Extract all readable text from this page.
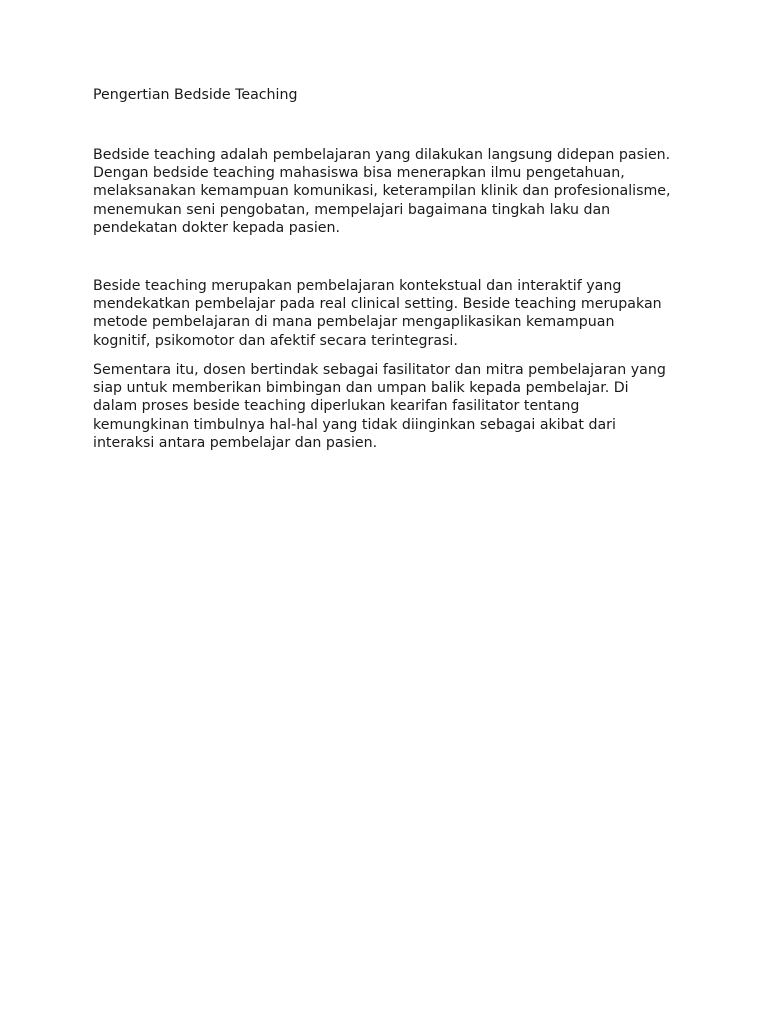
Pengertian Bedside Teaching
Bedside teaching adalah pembelajaran yang dilakukan langsung didepan pasien.
Dengan bedside teaching mahasiswa bisa menerapkan ilmu pengetahuan,
melaksanakan kemampuan komunikasi, keterampilan klinik dan profesionalisme,
menemukan seni pengobatan, mempelajari bagaimana tingkah laku dan
pendekatan dokter kepada pasien.
Beside teaching merupakan pembelajaran kontekstual dan interaktif yang
mendekatkan pembelajar pada real clinical setting. Beside teaching merupakan
metode pembelajaran di mana pembelajar mengaplikasikan kemampuan
kognitif, psikomotor dan afektif secara terintegrasi.
Sementara itu, dosen bertindak sebagai fasilitator dan mitra pembelajaran yang
siap untuk memberikan bimbingan dan umpan balik kepada pembelajar. Di
dalam proses beside teaching diperlukan kearifan fasilitator tentang
kemungkinan timbulnya hal-hal yang tidak diinginkan sebagai akibat dari
interaksi antara pembelajar dan pasien.
